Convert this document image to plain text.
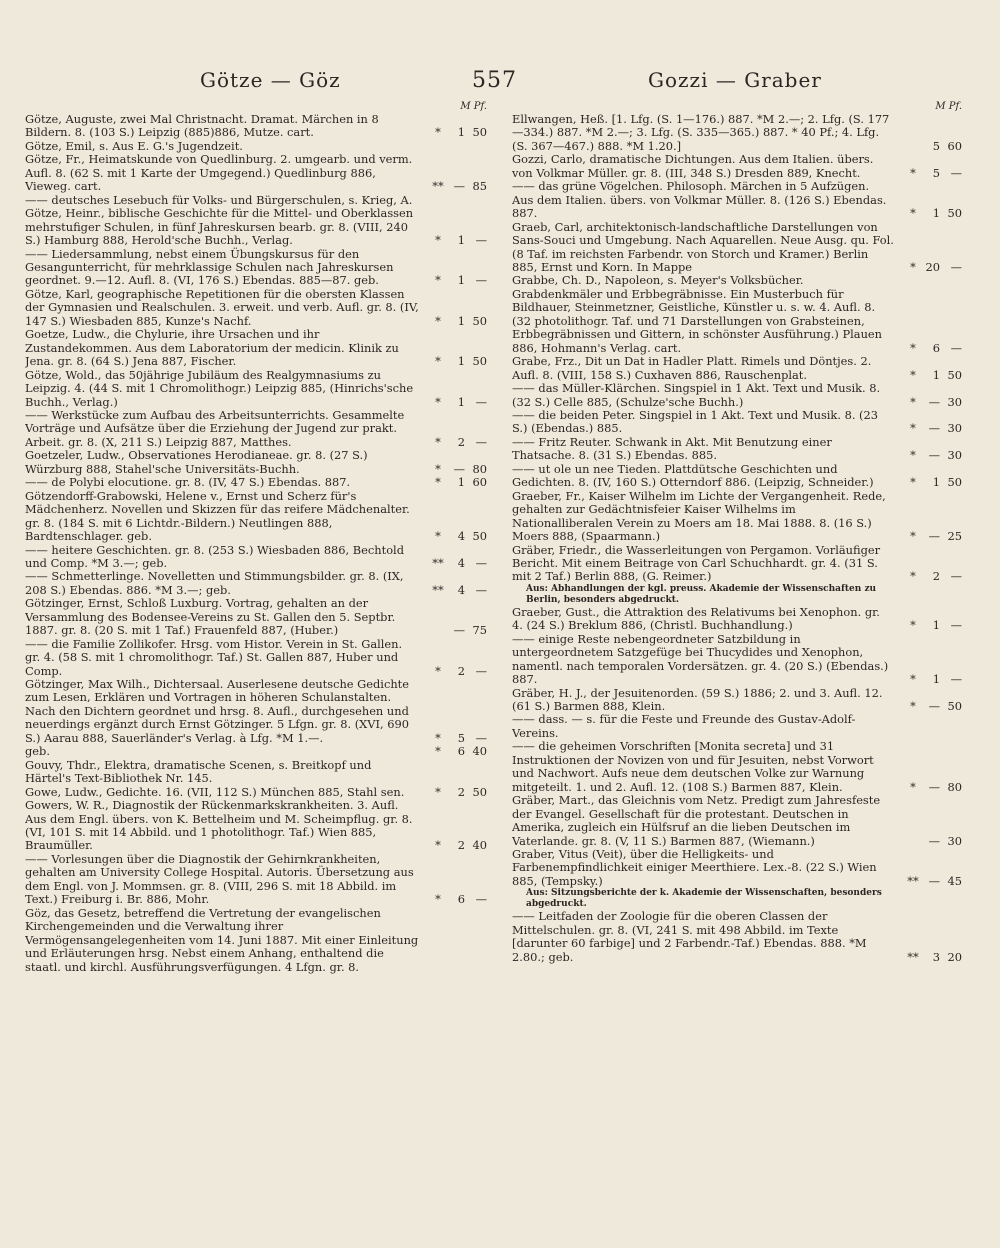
Götze — Göz	557	Gozzi — Graber
M Pf.
Götze, Auguste, zwei Mal Christnacht. Dramat. Märchen in 8 Bildern. 8. (103 S.) Leipzig (885)886, Mutze. cart.	* 1 50
Götze, Emil, s. Aus E. G.'s Jugendzeit.
Götze, Fr., Heimatskunde von Quedlinburg. 2. umgearb. und verm. Aufl. 8. (62 S. mit 1 Karte der Umgegend.) Quedlinburg 886, Vieweg. cart.	** — 85
—— deutsches Lesebuch für Volks- und Bürgerschulen, s. Krieg, A.
Götze, Heinr., biblische Geschichte für die Mittel- und Oberklassen mehrstufiger Schulen, in fünf Jahreskursen bearb. gr. 8. (VIII, 240 S.) Hamburg 888, Herold'sche Buchh., Verlag.	* 1 —
—— Liedersammlung, nebst einem Übungskursus für den Gesangunterricht, für mehrklassige Schulen nach Jahreskursen geordnet. 9.—12. Aufl. 8. (VI, 176 S.) Ebendas. 885—87. geb.	* 1 —
Götze, Karl, geographische Repetitionen für die obersten Klassen der Gymnasien und Realschulen. 3. erweit. und verb. Aufl. gr. 8. (IV, 147 S.) Wiesbaden 885, Kunze's Nachf.	* 1 50
Goetze, Ludw., die Chylurie, ihre Ursachen und ihr Zustandekommen. Aus dem Laboratorium der medicin. Klinik zu Jena. gr. 8. (64 S.) Jena 887, Fischer.	* 1 50
Götze, Wold., das 50jährige Jubiläum des Realgymnasiums zu Leipzig. 4. (44 S. mit 1 Chromolithogr.) Leipzig 885, (Hinrichs'sche Buchh., Verlag.)	* 1 —
—— Werkstücke zum Aufbau des Arbeitsunterrichts. Gesammelte Vorträge und Aufsätze über die Erziehung der Jugend zur prakt. Arbeit. gr. 8. (X, 211 S.) Leipzig 887, Matthes.	* 2 —
Goetzeler, Ludw., Observationes Herodianeae. gr. 8. (27 S.) Würzburg 888, Stahel'sche Universitäts-Buchh.	* — 80
—— de Polybi elocutione. gr. 8. (IV, 47 S.) Ebendas. 887.	* 1 60
Götzendorff-Grabowski, Helene v., Ernst und Scherz für's Mädchenherz. Novellen und Skizzen für das reifere Mädchenalter. gr. 8. (184 S. mit 6 Lichtdr.-Bildern.) Neutlingen 888, Bardtenschlager. geb.	* 4 50
—— heitere Geschichten. gr. 8. (253 S.) Wiesbaden 886, Bechtold und Comp. *M 3.—; geb.	** 4 —
—— Schmetterlinge. Novelletten und Stimmungsbilder. gr. 8. (IX, 208 S.) Ebendas. 886. *M 3.—; geb.	** 4 —
Götzinger, Ernst, Schloß Luxburg. Vortrag, gehalten an der Versammlung des Bodensee-Vereins zu St. Gallen den 5. Septbr. 1887. gr. 8. (20 S. mit 1 Taf.) Frauenfeld 887, (Huber.)	— 75
—— die Familie Zollikofer. Hrsg. vom Histor. Verein in St. Gallen. gr. 4. (58 S. mit 1 chromolithogr. Taf.) St. Gallen 887, Huber und Comp.	* 2 —
Götzinger, Max Wilh., Dichtersaal. Auserlesene deutsche Gedichte zum Lesen, Erklären und Vortragen in höheren Schulanstalten. Nach den Dichtern geordnet und hrsg. 8. Aufl., durchgesehen und neuerdings ergänzt durch Ernst Götzinger. 5 Lfgn. gr. 8. (XVI, 690 S.) Aarau 888, Sauerländer's Verlag. à Lfg. *M 1.—.	* 5 —
geb.	* 6 40
Gouvy, Thdr., Elektra, dramatische Scenen, s. Breitkopf und Härtel's Text-Bibliothek Nr. 145.
Gowe, Ludw., Gedichte. 16. (VII, 112 S.) München 885, Stahl sen.	* 2 50
Gowers, W. R., Diagnostik der Rückenmarkskrankheiten. 3. Aufl. Aus dem Engl. übers. von K. Bettelheim und M. Scheimpflug. gr. 8. (VI, 101 S. mit 14 Abbild. und 1 photolithogr. Taf.) Wien 885, Braumüller.	* 2 40
—— Vorlesungen über die Diagnostik der Gehirnkrankheiten, gehalten am University College Hospital. Autoris. Übersetzung aus dem Engl. von J. Mommsen. gr. 8. (VIII, 296 S. mit 18 Abbild. im Text.) Freiburg i. Br. 886, Mohr.	* 6 —
Göz, das Gesetz, betreffend die Vertretung der evangelischen Kirchengemeinden und die Verwaltung ihrer Vermögensangelegenheiten vom 14. Juni 1887. Mit einer Einleitung und Erläuterungen hrsg. Nebst einem Anhang, enthaltend die staatl. und kirchl. Ausführungsverfügungen. 4 Lfgn. gr. 8.
M Pf.
Ellwangen, Heß. [1. Lfg. (S. 1—176.) 887. *M 2.—; 2. Lfg. (S. 177—334.) 887. *M 2.—; 3. Lfg. (S. 335—365.) 887. * 40 Pf.; 4. Lfg. (S. 367—467.) 888. *M 1.20.]	5 60
Gozzi, Carlo, dramatische Dichtungen. Aus dem Italien. übers. von Volkmar Müller. gr. 8. (III, 348 S.) Dresden 889, Knecht.	* 5 —
—— das grüne Vögelchen. Philosoph. Märchen in 5 Aufzügen. Aus dem Italien. übers. von Volkmar Müller. 8. (126 S.) Ebendas. 887.	* 1 50
Graeb, Carl, architektonisch-landschaftliche Darstellungen von Sans-Souci und Umgebung. Nach Aquarellen. Neue Ausg. qu. Fol. (8 Taf. im reichsten Farbendr. von Storch und Kramer.) Berlin 885, Ernst und Korn. In Mappe	* 20 —
Grabbe, Ch. D., Napoleon, s. Meyer's Volksbücher.
Grabdenkmäler und Erbbegräbnisse. Ein Musterbuch für Bildhauer, Steinmetzner, Geistliche, Künstler u. s. w. 4. Aufl. 8. (32 photolithogr. Taf. und 71 Darstellungen von Grabsteinen, Erbbegräbnissen und Gittern, in schönster Ausführung.) Plauen 886, Hohmann's Verlag. cart.	* 6 —
Grabe, Frz., Dit un Dat in Hadler Platt. Rimels und Döntjes. 2. Aufl. 8. (VIII, 158 S.) Cuxhaven 886, Rauschenplat.	* 1 50
—— das Müller-Klärchen. Singspiel in 1 Akt. Text und Musik. 8. (32 S.) Celle 885, (Schulze'sche Buchh.)	* — 30
—— die beiden Peter. Singspiel in 1 Akt. Text und Musik. 8. (23 S.) (Ebendas.) 885.	* — 30
—— Fritz Reuter. Schwank in Akt. Mit Benutzung einer Thatsache. 8. (31 S.) Ebendas. 885.	* — 30
—— ut ole un nee Tieden. Plattdütsche Geschichten und Gedichten. 8. (IV, 160 S.) Otterndorf 886. (Leipzig, Schneider.)	* 1 50
Graeber, Fr., Kaiser Wilhelm im Lichte der Vergangenheit. Rede, gehalten zur Gedächtnisfeier Kaiser Wilhelms im Nationalliberalen Verein zu Moers am 18. Mai 1888. 8. (16 S.) Moers 888, (Spaarmann.)	* — 25
Gräber, Friedr., die Wasserleitungen von Pergamon. Vorläufiger Bericht. Mit einem Beitrage von Carl Schuchhardt. gr. 4. (31 S. mit 2 Taf.) Berlin 888, (G. Reimer.)	* 2 —
Aus: Abhandlungen der kgl. preuss. Akademie der Wissenschaften zu Berlin, besonders abgedruckt.
Graeber, Gust., die Attraktion des Relativums bei Xenophon. gr. 4. (24 S.) Breklum 886, (Christl. Buchhandlung.)	* 1 —
—— einige Reste nebengeordneter Satzbildung in untergeordnetem Satzgefüge bei Thucydides und Xenophon, namentl. nach temporalen Vordersätzen. gr. 4. (20 S.) (Ebendas.) 887.	* 1 —
Gräber, H. J., der Jesuitenorden. (59 S.) 1886; 2. und 3. Aufl. 12. (61 S.) Barmen 888, Klein.	* — 50
—— dass. — s. für die Feste und Freunde des Gustav-Adolf-Vereins.
—— die geheimen Vorschriften [Monita secreta] und 31 Instruktionen der Novizen von und für Jesuiten, nebst Vorwort und Nachwort. Aufs neue dem deutschen Volke zur Warnung mitgeteilt. 1. und 2. Aufl. 12. (108 S.) Barmen 887, Klein.	* — 80
Gräber, Mart., das Gleichnis vom Netz. Predigt zum Jahresfeste der Evangel. Gesellschaft für die protestant. Deutschen in Amerika, zugleich ein Hülfsruf an die lieben Deutschen im Vaterlande. gr. 8. (V, 11 S.) Barmen 887, (Wiemann.)	— 30
Graber, Vitus (Veit), über die Helligkeits- und Farbenempfindlichkeit einiger Meerthiere. Lex.-8. (22 S.) Wien 885, (Tempsky.)	** — 45
Aus: Sitzungsberichte der k. Akademie der Wissenschaften, besonders abgedruckt.
—— Leitfaden der Zoologie für die oberen Classen der Mittelschulen. gr. 8. (VI, 241 S. mit 498 Abbild. im Texte [darunter 60 farbige] und 2 Farbendr.-Taf.) Ebendas. 888. *M 2.80.; geb.	** 3 20
